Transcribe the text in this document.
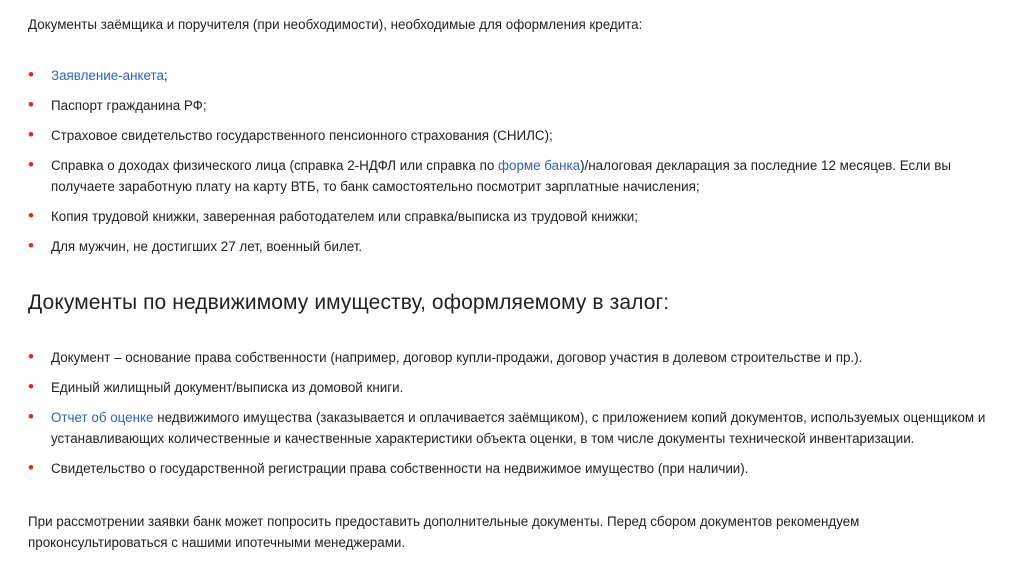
Документы заёмщика и поручителя (при необходимости), необходимые для оформления кредита:

• Заявление-анкета;
• Паспорт гражданина РФ;
• Страховое свидетельство государственного пенсионного страхования (СНИЛС);
• Справка о доходах физического лица (справка 2-НДФЛ или справка по форме банка)/налоговая декларация за последние 12 месяцев. Если вы получаете заработную плату на карту ВТБ, то банк самостоятельно посмотрит зарплатные начисления;
• Копия трудовой книжки, заверенная работодателем или справка/выписка из трудовой книжки;
• Для мужчин, не достигших 27 лет, военный билет.
Документы по недвижимому имуществу, оформляемому в залог:
• Документ – основание права собственности (например, договор купли-продажи, договор участия в долевом строительстве и пр.).
• Единый жилищный документ/выписка из домовой книги.
• Отчет об оценке недвижимого имущества (заказывается и оплачивается заёмщиком), с приложением копий документов, используемых оценщиком и устанавливающих количественные и качественные характеристики объекта оценки, в том числе документы технической инвентаризации.
• Свидетельство о государственной регистрации права собственности на недвижимое имущество (при наличии).

При рассмотрении заявки банк может попросить предоставить дополнительные документы. Перед сбором документов рекомендуем проконсультироваться с нашими ипотечными менеджерами.
